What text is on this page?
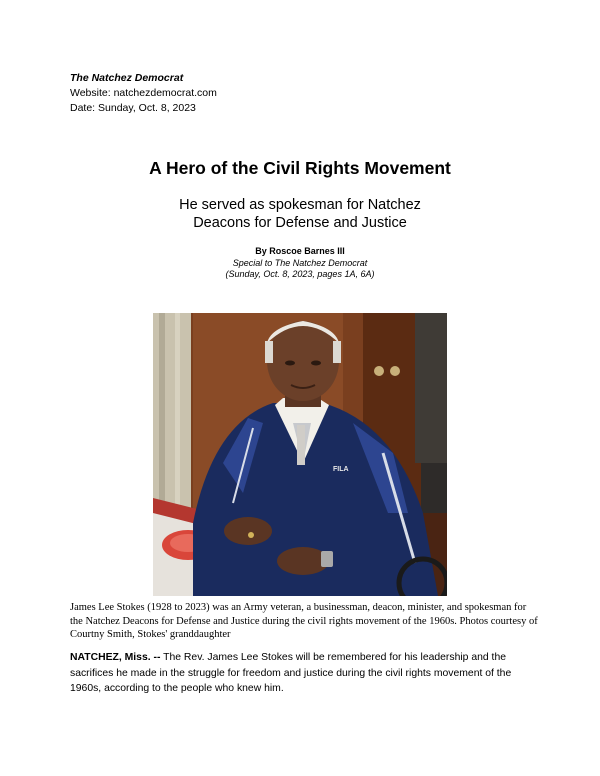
The Natchez Democrat
Website: natchezdemocrat.com
Date: Sunday, Oct. 8, 2023
A Hero of the Civil Rights Movement
He served as spokesman for Natchez
Deacons for Defense and Justice
By Roscoe Barnes III
Special to The Natchez Democrat
(Sunday, Oct. 8, 2023, pages 1A, 6A)
FILA
James Lee Stokes (1928 to 2023) was an Army veteran, a businessman, deacon, minister, and spokesman for the Natchez Deacons for Defense and Justice during the civil rights movement of the 1960s. Photos courtesy of Courtny Smith, Stokes' granddaughter
NATCHEZ, Miss. -- The Rev. James Lee Stokes will be remembered for his leadership and the sacrifices he made in the struggle for freedom and justice during the civil rights movement of the 1960s, according to the people who knew him.
